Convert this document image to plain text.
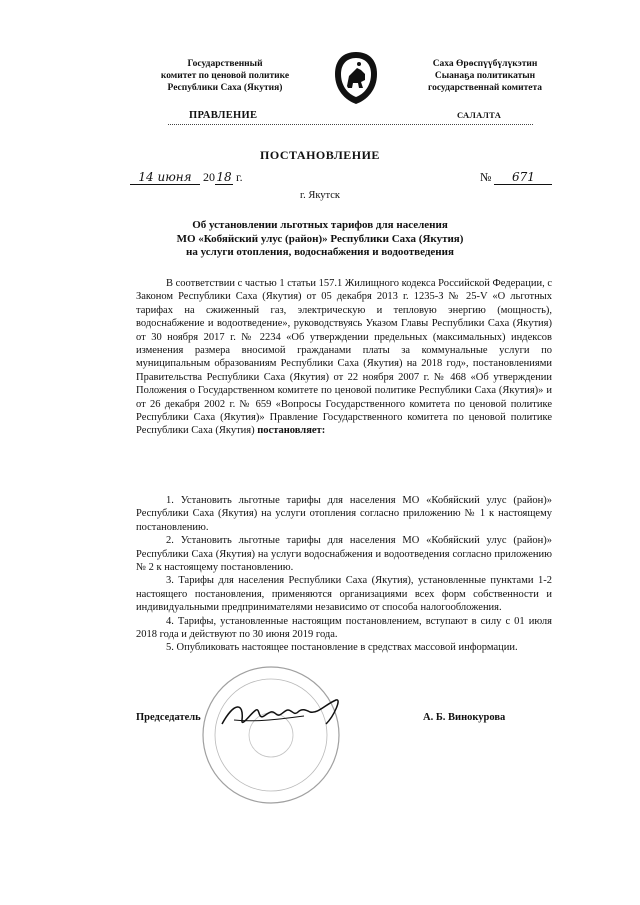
Государственный
комитет по ценовой политике
Республики Саха (Якутия)
Саха Өрөспүүбүлүкэтин
Сыанаҕа политикатын
государственнай комитета
ПРАВЛЕНИЕ	САЛАЛТА
ПОСТАНОВЛЕНИЕ
14 июня 2018 г.	№ 671
г. Якутск
Об установлении льготных тарифов для населения
МО «Кобяйский улус (район)» Республики Саха (Якутия)
на услуги отопления, водоснабжения и водоотведения

В соответствии с частью 1 статьи 157.1 Жилищного кодекса Российской Федерации, с Законом Республики Саха (Якутия) от 05 декабря 2013 г. 1235-З № 25-V «О льготных тарифах на сжиженный газ, электрическую и тепловую энергию (мощность), водоснабжение и водоотведение», руководствуясь Указом Главы Республики Саха (Якутия) от 30 ноября 2017 г. № 2234 «Об утверждении предельных (максимальных) индексов изменения размера вносимой гражданами платы за коммунальные услуги по муниципальным образованиям Республики Саха (Якутия) на 2018 год», постановлениями Правительства Республики Саха (Якутия) от 22 ноября 2007 г. № 468 «Об утверждении Положения о Государственном комитете по ценовой политике Республики Саха (Якутия)» и от 26 декабря 2002 г. № 659 «Вопросы Государственного комитета по ценовой политике Республики Саха (Якутия)» Правление Государственного комитета по ценовой политике Республики Саха (Якутия) постановляет:

1. Установить льготные тарифы для населения МО «Кобяйский улус (район)» Республики Саха (Якутия) на услуги отопления согласно приложению № 1 к настоящему постановлению.

2. Установить льготные тарифы для населения МО «Кобяйский улус (район)» Республики Саха (Якутия) на услуги водоснабжения и водоотведения согласно приложению № 2 к настоящему постановлению.

3. Тарифы для населения Республики Саха (Якутия), установленные пунктами 1-2 настоящего постановления, применяются организациями всех форм собственности и индивидуальными предпринимателями независимо от способа налогообложения.

4. Тарифы, установленные настоящим постановлением, вступают в силу с 01 июля 2018 года и действуют по 30 июня 2019 года.

5. Опубликовать настоящее постановление в средствах массовой информации.

Председатель	А. Б. Винокурова
